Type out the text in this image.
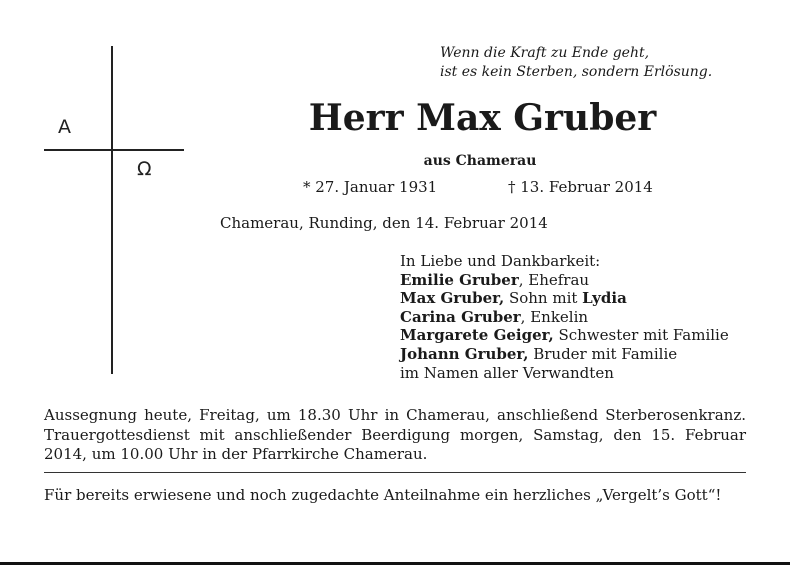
A
Ω
Wenn die Kraft zu Ende geht,
ist es kein Sterben, sondern Erlösung.
Herr Max Gruber
aus Chamerau
* 27. Januar 1931	† 13. Februar 2014
Chamerau, Runding, den 14. Februar 2014
In Liebe und Dankbarkeit:
Emilie Gruber, Ehefrau
Max Gruber, Sohn mit Lydia
Carina Gruber, Enkelin
Margarete Geiger, Schwester mit Familie
Johann Gruber, Bruder mit Familie
im Namen aller Verwandten
Aussegnung heute, Freitag, um 18.30 Uhr in Chamerau, anschließend Sterberosenkranz. Trauergottesdienst mit anschließender Beerdigung morgen, Samstag, den 15. Februar 2014, um 10.00 Uhr in der Pfarrkirche Chamerau.
Für bereits erwiesene und noch zugedachte Anteilnahme ein herzliches „Vergelt’s Gott“!
